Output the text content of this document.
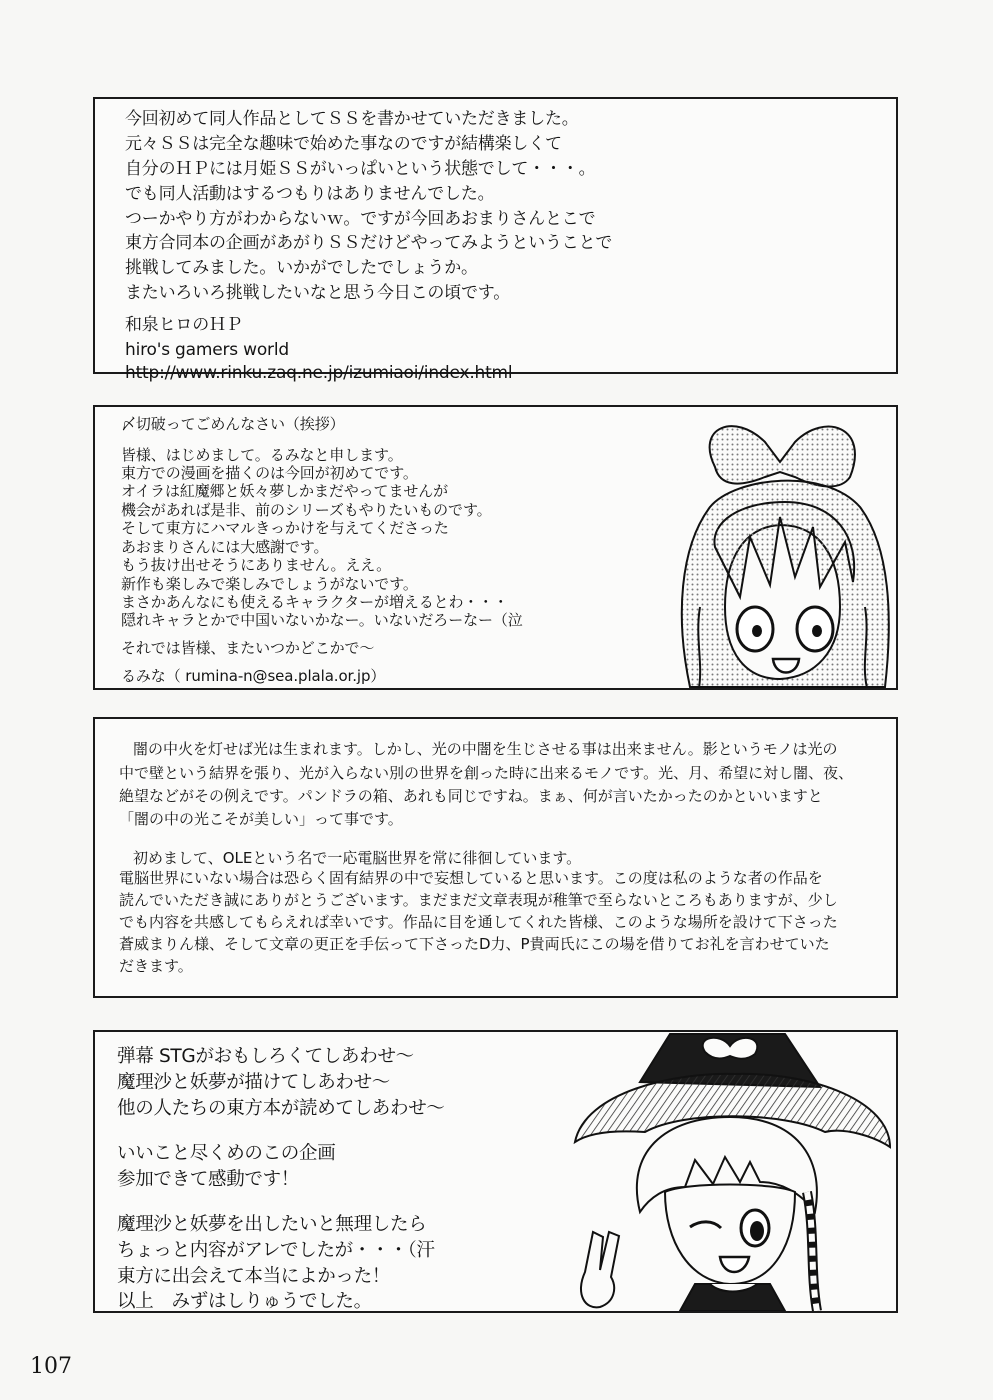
今回初めて同人作品としてＳＳを書かせていただきました。
元々ＳＳは完全な趣味で始めた事なのですが結構楽しくて
自分のＨＰには月姫ＳＳがいっぱいという状態でして・・・。
でも同人活動はするつもりはありませんでした。
つーかやり方がわからないｗ。ですが今回あおまりさんとこで
東方合同本の企画があがりＳＳだけどやってみようということで
挑戦してみました。いかがでしたでしょうか。
またいろいろ挑戦したいなと思う今日この頃です。
和泉ヒロのＨＰ
hiro's gamers world
http://www.rinku.zaq.ne.jp/izumiaoi/index.html
〆切破ってごめんなさい（挨拶）
皆様、はじめまして。るみなと申します。
東方での漫画を描くのは今回が初めてです。
オイラは紅魔郷と妖々夢しかまだやってませんが
機会があれば是非、前のシリーズもやりたいものです。
そして東方にハマルきっかけを与えてくださった
あおまりさんには大感謝です。
もう抜け出せそうにありません。ええ。
新作も楽しみで楽しみでしょうがないです。
まさかあんなにも使えるキャラクターが増えるとわ・・・
隠れキャラとかで中国いないかなー。いないだろーなー（泣
それでは皆様、またいつかどこかで～
るみな（ rumina-n@sea.plala.or.jp）
闇の中火を灯せば光は生まれます。しかし、光の中闇を生じさせる事は出来ません。影というモノは光の
中で壁という結界を張り、光が入らない別の世界を創った時に出来るモノです。光、月、希望に対し闇、夜、
絶望などがその例えです。パンドラの箱、あれも同じですね。まぁ、何が言いたかったのかといいますと
「闇の中の光こそが美しい」って事です。
初めまして、OLEという名で一応電脳世界を常に徘徊しています。
電脳世界にいない場合は恐らく固有結界の中で妄想していると思います。この度は私のような者の作品を
読んでいただき誠にありがとうございます。まだまだ文章表現が稚筆で至らないところもありますが、少し
でも内容を共感してもらえれば幸いです。作品に目を通してくれた皆様、このような場所を設けて下さった
蒼威まりん様、そして文章の更正を手伝って下さったD力、P貴両氏にこの場を借りてお礼を言わせていた
だきます。
弾幕 STGがおもしろくてしあわせ～
魔理沙と妖夢が描けてしあわせ～
他の人たちの東方本が読めてしあわせ～
いいこと尽くめのこの企画
参加できて感動です！
魔理沙と妖夢を出したいと無理したら
ちょっと内容がアレでしたが・・・（汗
東方に出会えて本当によかった！
以上　みずはしりゅうでした。
107
